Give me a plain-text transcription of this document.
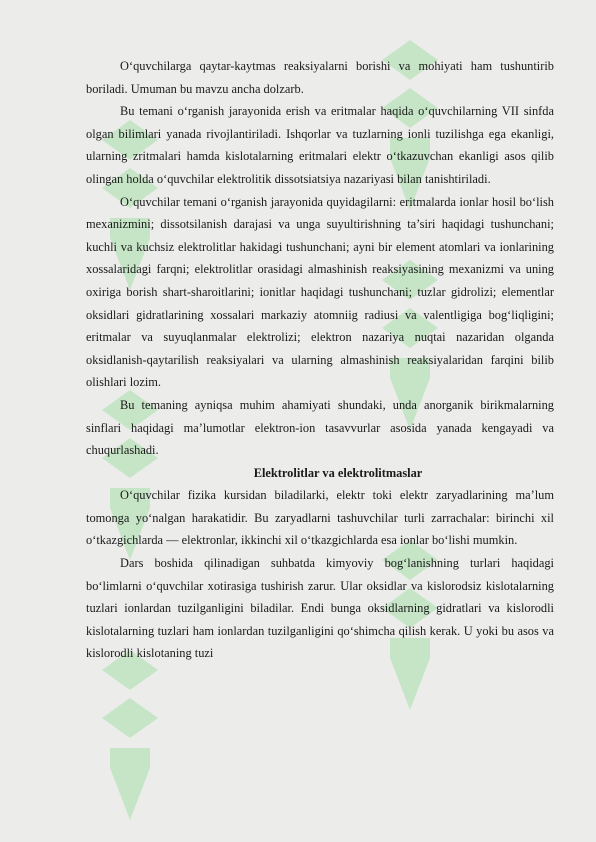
O‘quvchilarga qaytar-kaytmas reaksiyalarni borishi va mohiyati ham tushuntirib boriladi. Umuman bu mavzu ancha dolzarb.

Bu temani o‘rganish jarayonida erish va eritmalar haqida o‘quvchilarning VII sinfda olgan bilimlari yanada rivojlantiriladi. Ishqorlar va tuzlarning ionli tuzilishga ega ekanligi, ularning zritmalari hamda kislotalarning eritmalari elektr o‘tkazuvchan ekanligi asos qilib olingan holda o‘quvchilar elektrolitik dissotsiatsiya nazariyasi bilan tanishtiriladi.

O‘quvchilar temani o‘rganish jarayonida quyidagilarni: eritmalarda ionlar hosil bo‘lish mexanizmini; dissotsilanish darajasi va unga suyultirishning ta’siri haqidagi tushunchani; kuchli va kuchsiz elektrolitlar hakidagi tushunchani; ayni bir element atomlari va ionlarining xossalaridagi farqni; elektrolitlar orasidagi almashinish reaksiyasining mexanizmi va uning oxiriga borish shart-sharoitlarini; ionitlar haqidagi tushunchani; tuzlar gidrolizi; elementlar oksidlari gidratlarining xossalari markaziy atomniig radiusi va valentligiga bog‘liqligini; eritmalar va suyuqlanmalar elektrolizi; elektron nazariya nuqtai nazaridan olganda oksidlanish-qaytarilish reaksiyalari va ularning almashinish reaksiyalaridan farqini bilib olishlari lozim.

Bu temaning ayniqsa muhim ahamiyati shundaki, unda anorganik birikmalarning sinflari haqidagi ma’lumotlar elektron-ion tasavvurlar asosida yanada kengayadi va chuqurlashadi.

Elektrolitlar va elektrolitmaslar

O‘quvchilar fizika kursidan biladilarki, elektr toki elektr zaryadlarining ma’lum tomonga yo‘nalgan harakatidir. Bu zaryadlarni tashuvchilar turli zarrachalar: birinchi xil o‘tkazgichlarda — elektronlar, ikkinchi xil o‘tkazgichlarda esa ionlar bo‘lishi mumkin.

Dars boshida qilinadigan suhbatda kimyoviy bog‘lanishning turlari haqidagi bo‘limlarni o‘quvchilar xotirasiga tushirish zarur. Ular oksidlar va kislorodsiz kislotalarning tuzlari ionlardan tuzilganligini biladilar. Endi bunga oksidlarning gidratlari va kislorodli kislotalarning tuzlari ham ionlardan tuzilganligini qo‘shimcha qilish kerak. U yoki bu asos va kislorodli kislotaning tuzi
